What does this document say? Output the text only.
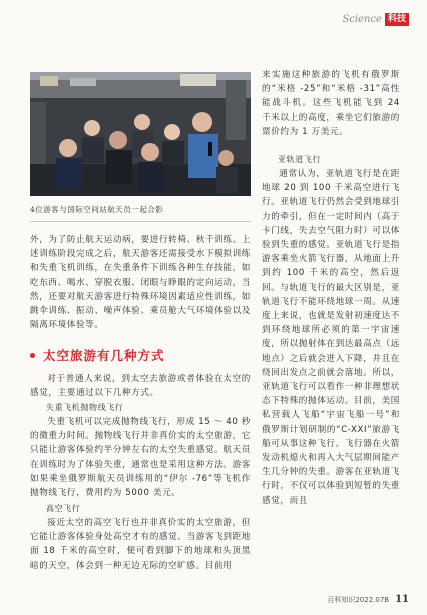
Science 科技
4位游客与国际空间站航天员一起合影

外，为了防止航天运动病，要进行转椅、秋千训练。上述训练阶段完成之后，航天游客还需接受水下模拟训练和失重飞机训练，在失重条件下训练各种生存技能，如吃东西、喝水、穿脱衣服、闭眼与睁眼的定向运动，当然，还要对航天游客进行特殊环境因素适应性训练，如跳伞训练、振动、噪声体验、乘员舱大气环境体验以及隔离环境体验等。

太空旅游有几种方式

对于普通人来说，到太空去旅游或者体验在太空的感觉，主要通过以下几种方式。

失重飞机抛物线飞行

失重飞机可以完成抛物线飞行，形成 15 ～ 40 秒的微重力时间。抛物线飞行并非真价实的太空旅游，它只能让游客体验约半分钟左右的太空失重感觉。航天员在训练时为了体验失重，通常也是采用这种方法。游客如果乘坐俄罗斯航天员训练用的“伊尔 -76”等飞机作抛物线飞行，费用约为 5000 美元。

高空飞行

接近太空的高空飞行也并非真价实的太空旅游，但它能让游客体验身处高空才有的感觉。当游客飞到距地面 18 千米的高空时，便可看到脚下的地球和头顶黑暗的天空，体会到一种无边无际的空旷感。目前用

来实施这种旅游的飞机有俄罗斯的“米格 -25”和“米格 -31”高性能战斗机。这些飞机能飞到 24 千米以上的高度，乘坐它们旅游的票价约为 1 万美元。

亚轨道飞行

通常认为，亚轨道飞行是在距地球 20 到 100 千米高空进行飞行。亚轨道飞行仍然会受到地球引力的牵引，但在一定时间内（高于卡门线，失去空气阻力时）可以体验到失重的感觉。亚轨道飞行是指游客乘坐火箭飞行器，从地面上升到约 100 千米的高空，然后返回。与轨道飞行的最大区别是，亚轨道飞行不能环绕地球一周。从速度上来说，也就是发射初速度达不到环绕地球所必须的第一宇宙速度，所以抛射体在到达最高点（远地点）之后就会进入下降，并且在绕回出发点之前就会落地。所以，亚轨道飞行可以看作一种非理想状态下特殊的抛体运动。目前，美国私营载人飞船“宇宙飞船一号”和俄罗斯计划研制的“C-XXI”旅游飞船可从事这种飞行。飞行器在火箭发动机熄火和再入大气层期间能产生几分钟的失重。游客在亚轨道飞行时，不仅可以体验到短暂的失重感觉，而且

百科知识2022.07B 11
